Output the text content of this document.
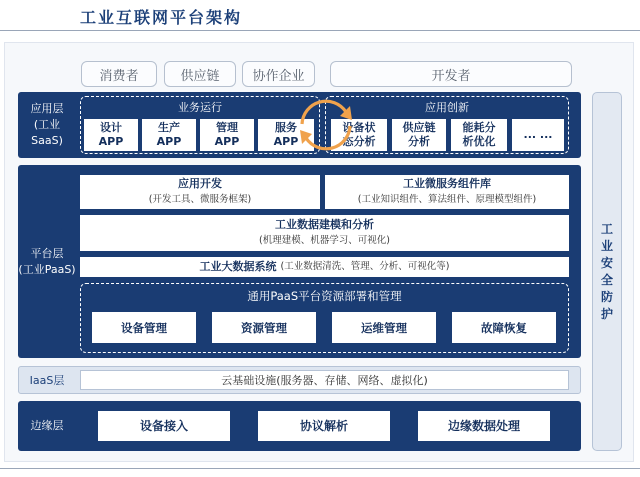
工业互联网平台架构
消费者	供应链	协作企业	开发者
应用层
(工业SaaS)
业务运行	应用创新
设计
APP
生产
APP
管理
APP
服务
APP
设备状
态分析
供应链
分析
能耗分
析优化
... ...
平台层
(工业PaaS)
应用开发
(开发工具、微服务框架)
工业微服务组件库
(工业知识组件、算法组件、原理模型组件)
工业数据建模和分析
(机理建模、机器学习、可视化)
工业大数据系统 (工业数据清洗、管理、分析、可视化等)
通用PaaS平台资源部署和管理
设备管理	资源管理	运维管理	故障恢复
IaaS层	云基础设施(服务器、存储、网络、虚拟化)
边缘层	设备接入	协议解析	边缘数据处理
工
业
安
全
防
护
